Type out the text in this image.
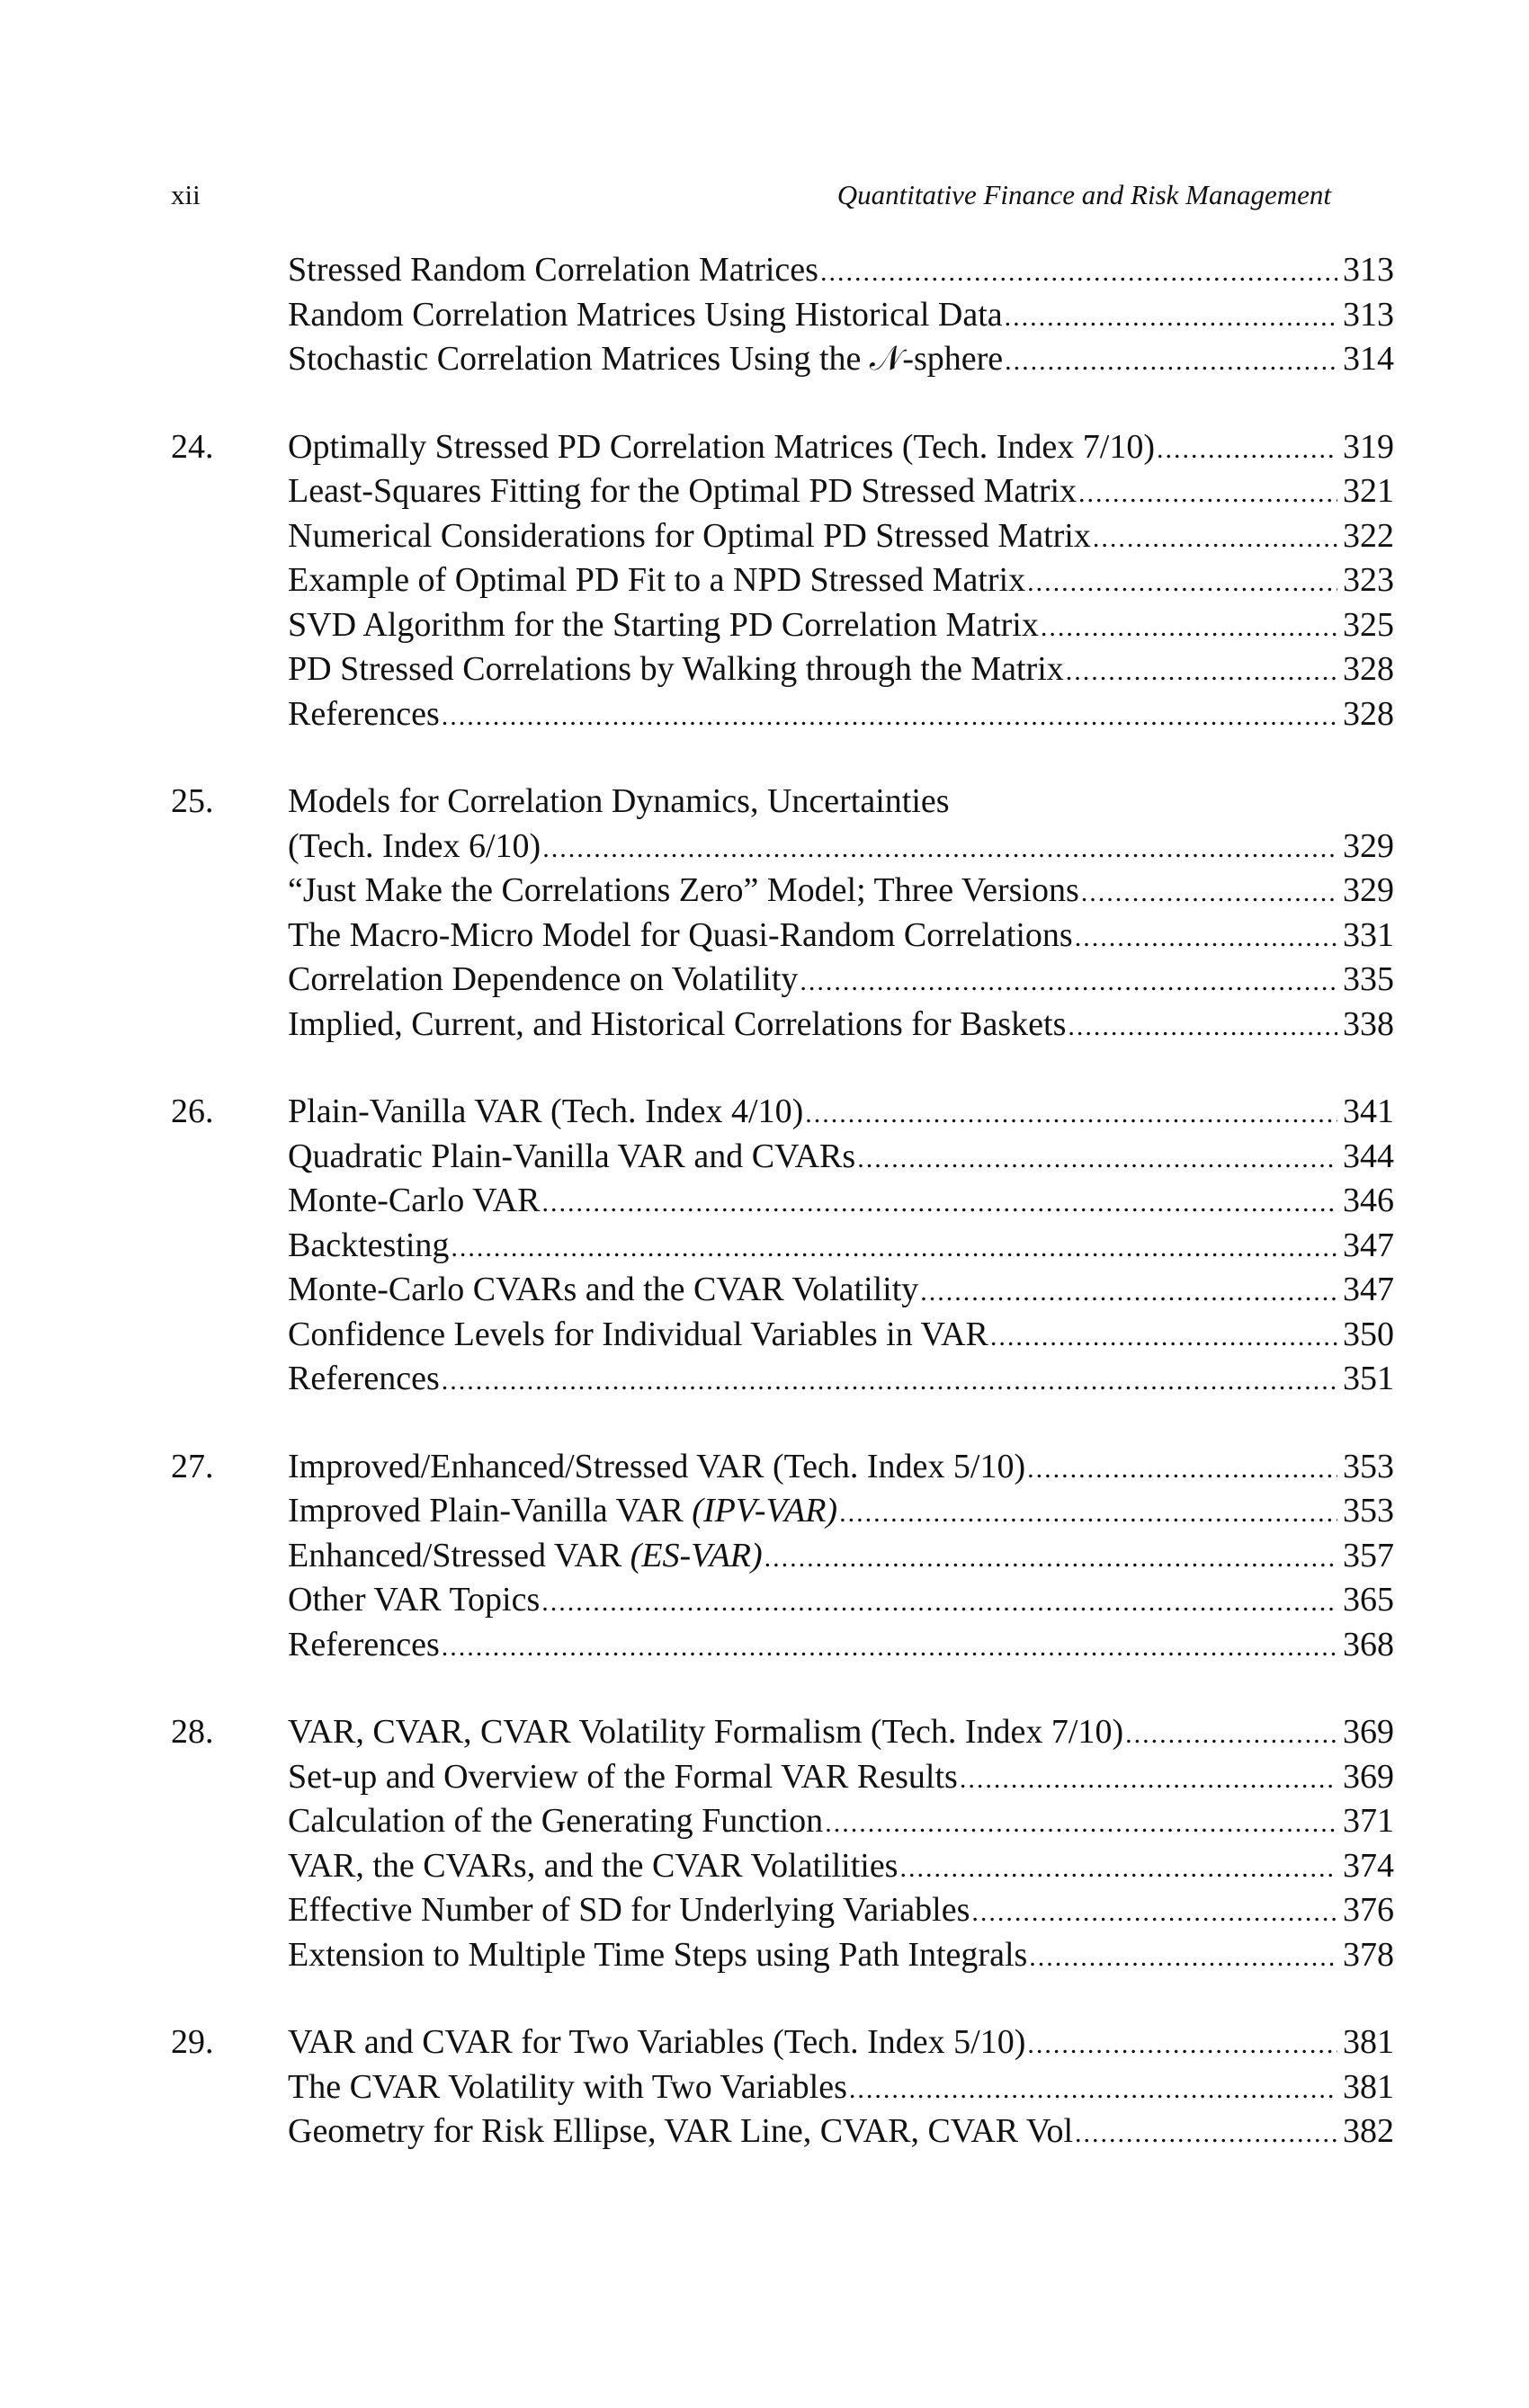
xii	Quantitative Finance and Risk Management
Stressed Random Correlation Matrices .....	313
Random Correlation Matrices Using Historical Data .....	313
Stochastic Correlation Matrices Using the 𝒩-sphere .....	314
24.	Optimally Stressed PD Correlation Matrices (Tech. Index 7/10) .....	319
Least-Squares Fitting for the Optimal PD Stressed Matrix .....	321
Numerical Considerations for Optimal PD Stressed Matrix .....	322
Example of Optimal PD Fit to a NPD Stressed Matrix .....	323
SVD Algorithm for the Starting PD Correlation Matrix .....	325
PD Stressed Correlations by Walking through the Matrix .....	328
References .....	328
25.	Models for Correlation Dynamics, Uncertainties
(Tech. Index 6/10) .....	329
“Just Make the Correlations Zero” Model; Three Versions .....	329
The Macro-Micro Model for Quasi-Random Correlations .....	331
Correlation Dependence on Volatility .....	335
Implied, Current, and Historical Correlations for Baskets .....	338
26.	Plain-Vanilla VAR (Tech. Index 4/10) .....	341
Quadratic Plain-Vanilla VAR and CVARs .....	344
Monte-Carlo VAR .....	346
Backtesting .....	347
Monte-Carlo CVARs and the CVAR Volatility .....	347
Confidence Levels for Individual Variables in VAR .....	350
References .....	351
27.	Improved/Enhanced/Stressed VAR (Tech. Index 5/10) .....	353
Improved Plain-Vanilla VAR (IPV-VAR) .....	353
Enhanced/Stressed VAR (ES-VAR) .....	357
Other VAR Topics .....	365
References .....	368
28.	VAR, CVAR, CVAR Volatility Formalism (Tech. Index 7/10) .....	369
Set-up and Overview of the Formal VAR Results .....	369
Calculation of the Generating Function .....	371
VAR, the CVARs, and the CVAR Volatilities .....	374
Effective Number of SD for Underlying Variables .....	376
Extension to Multiple Time Steps using Path Integrals .....	378
29.	VAR and CVAR for Two Variables (Tech. Index 5/10) .....	381
The CVAR Volatility with Two Variables .....	381
Geometry for Risk Ellipse, VAR Line, CVAR, CVAR Vol .....	382
